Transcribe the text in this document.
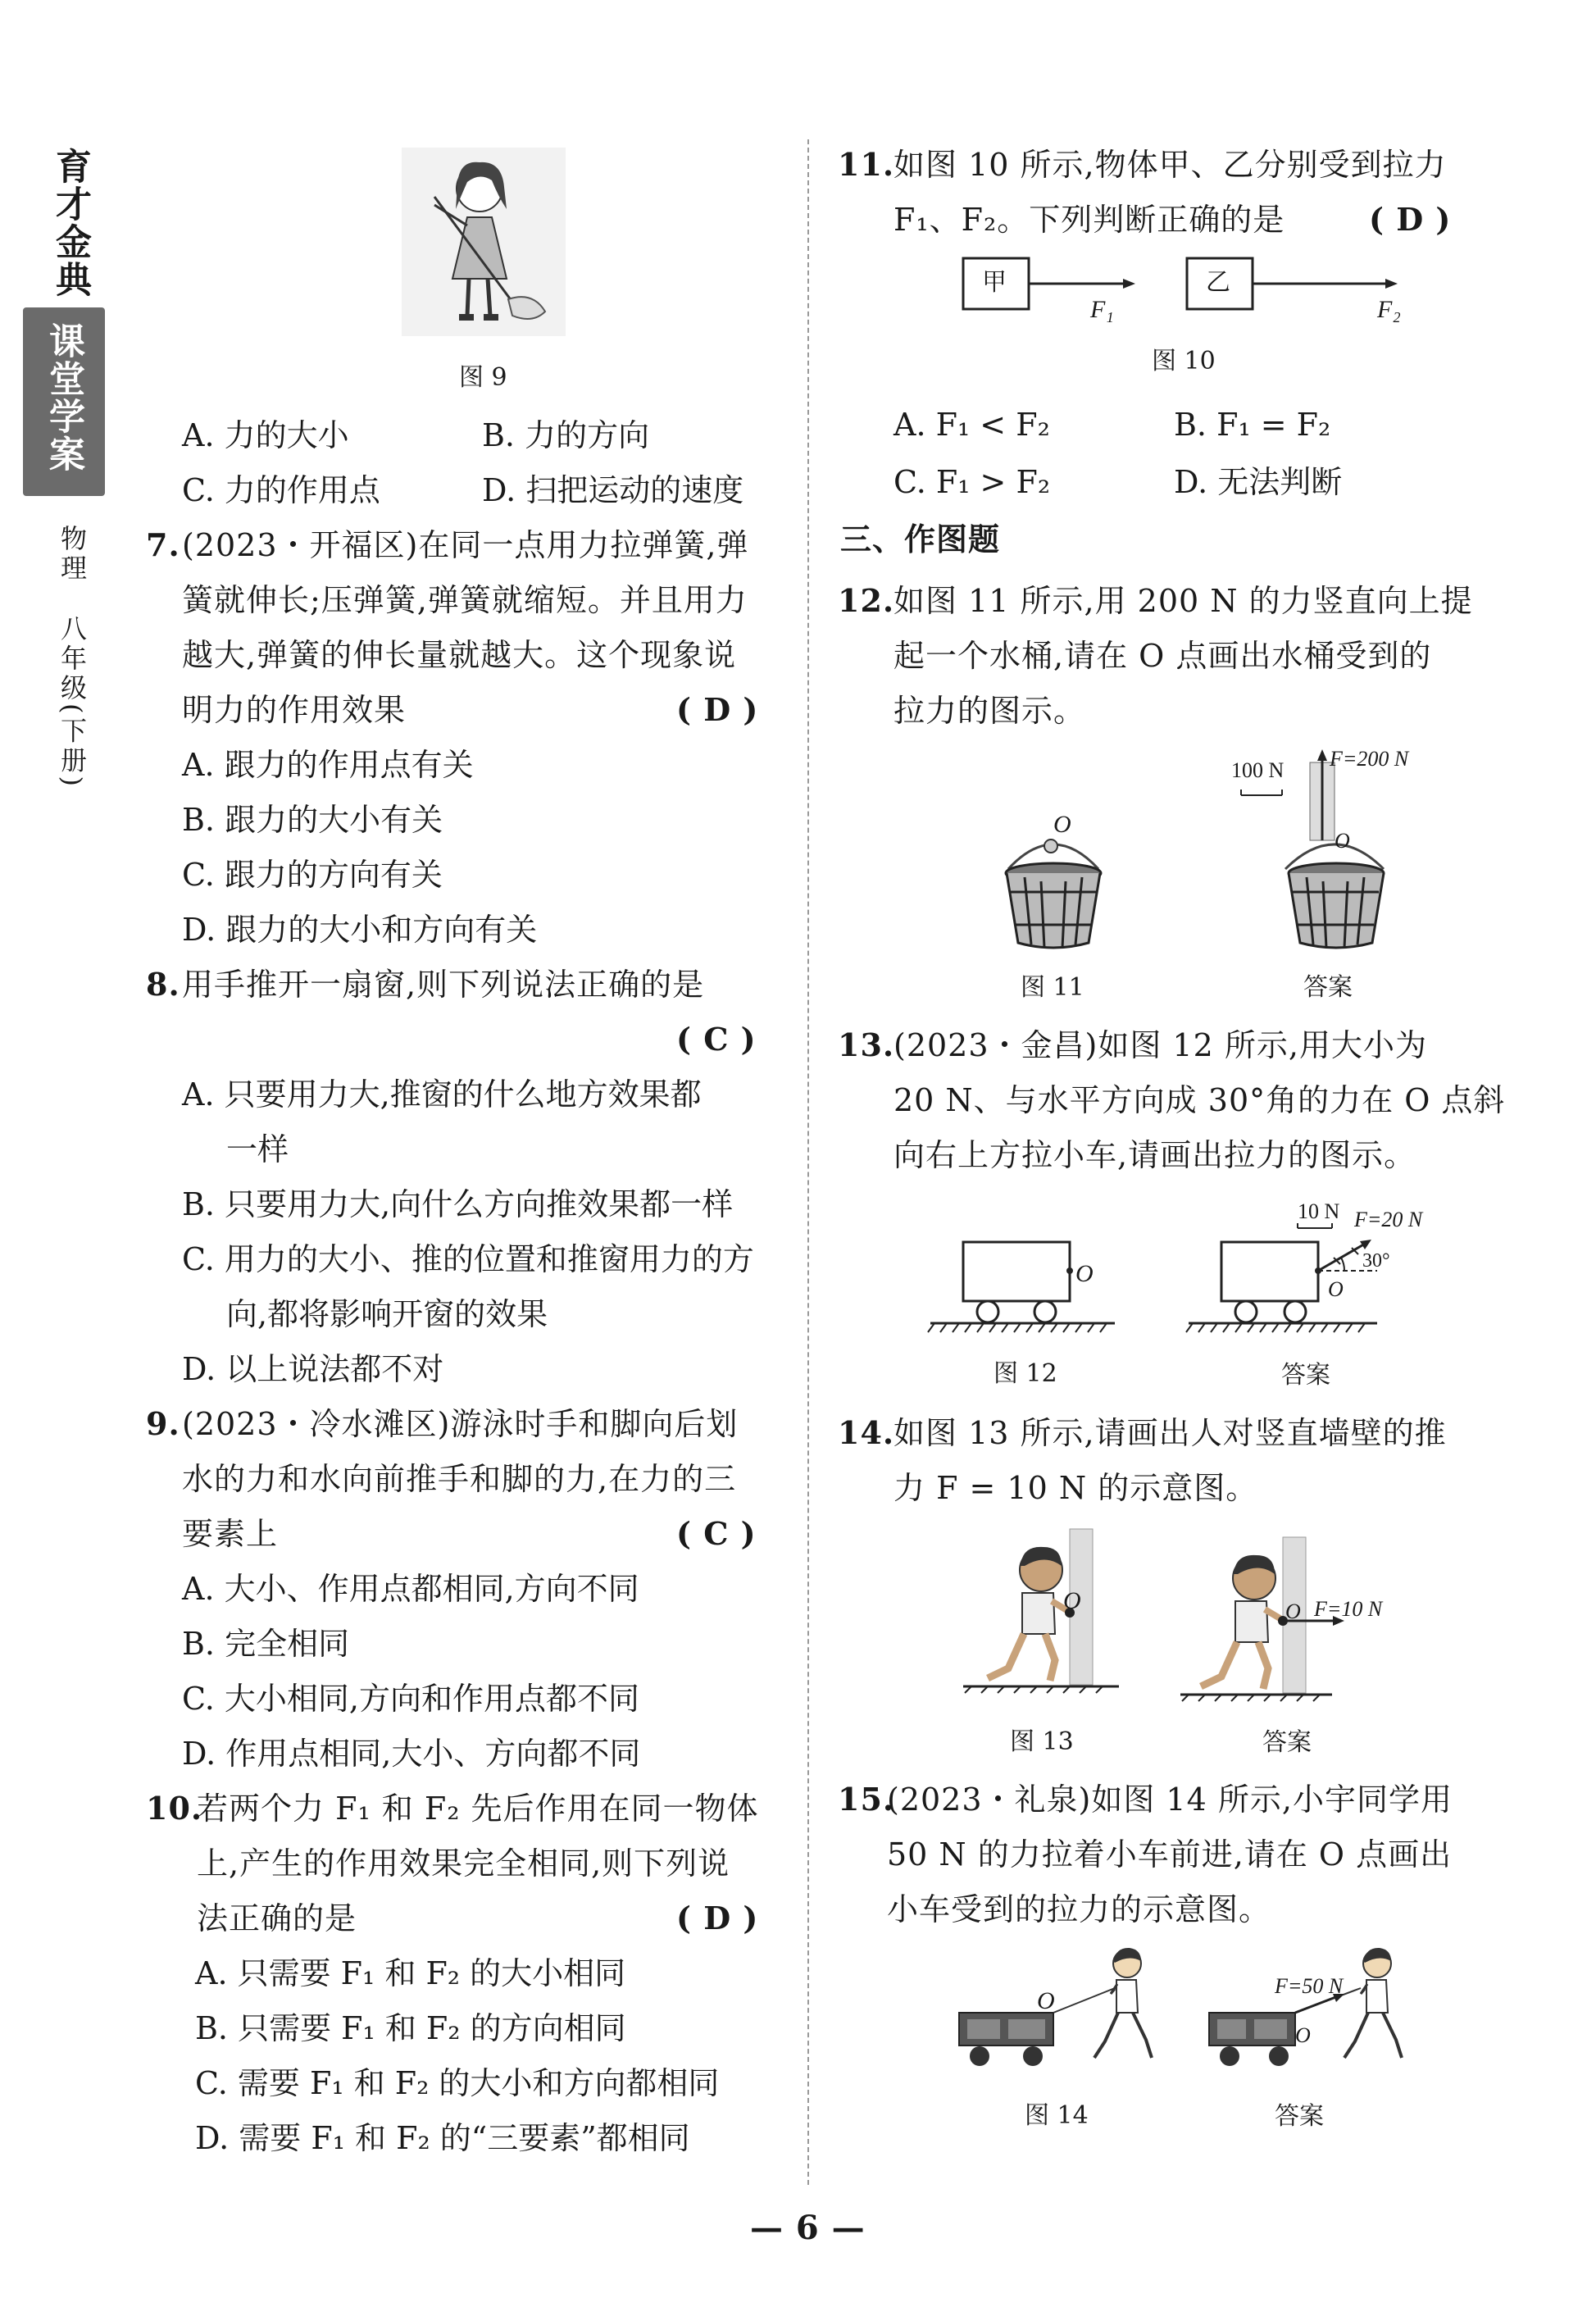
育才金典
课堂学案
物理
八年级(下册)
图 9
A. 力的大小	B. 力的方向
C. 力的作用点	D. 扫把运动的速度
7. (2023・开福区)在同一点用力拉弹簧,弹
簧就伸长;压弹簧,弹簧就缩短。并且用力
越大,弹簧的伸长量就越大。这个现象说
明力的作用效果	( D )
A. 跟力的作用点有关
B. 跟力的大小有关
C. 跟力的方向有关
D. 跟力的大小和方向有关
8. 用手推开一扇窗,则下列说法正确的是
( C )
A. 只要用力大,推窗的什么地方效果都
一样
B. 只要用力大,向什么方向推效果都一样
C. 用力的大小、推的位置和推窗用力的方
向,都将影响开窗的效果
D. 以上说法都不对
9. (2023・冷水滩区)游泳时手和脚向后划
水的力和水向前推手和脚的力,在力的三
要素上	( C )
A. 大小、作用点都相同,方向不同
B. 完全相同
C. 大小相同,方向和作用点都不同
D. 作用点相同,大小、方向都不同
10.
若两个力 F₁ 和 F₂ 先后作用在同一物体
上,产生的作用效果完全相同,则下列说
法正确的是	( D )
A. 只需要 F₁ 和 F₂ 的大小相同
B. 只需要 F₁ 和 F₂ 的方向相同
C. 需要 F₁ 和 F₂ 的大小和方向都相同
D. 需要 F₁ 和 F₂ 的“三要素”都相同
11.
如图 10 所示,物体甲、乙分别受到拉力
F₁、F₂。下列判断正确的是	( D )
甲	乙
F₁	F₂
图 10
A. F₁ < F₂	B. F₁ = F₂
C. F₁ > F₂	D. 无法判断
三、作图题
12.
如图 11 所示,用 200 N 的力竖直向上提
起一个水桶,请在 O 点画出水桶受到的
拉力的图示。
O
100 N F=200 N
O
图 11	答案
13.
(2023・金昌)如图 12 所示,用大小为
20 N、与水平方向成 30°角的力在 O 点斜
向右上方拉小车,请画出拉力的图示。
O
10 N F=20 N
30°
O
图 12	答案
14.
如图 13 所示,请画出人对竖直墙壁的推
力 F = 10 N 的示意图。
O	O F=10 N
图 13	答案
15.
(2023・礼泉)如图 14 所示,小宇同学用
50 N 的力拉着小车前进,请在 O 点画出
小车受到的拉力的示意图。
O
F=50 N
O
图 14	答案
— 6 —
